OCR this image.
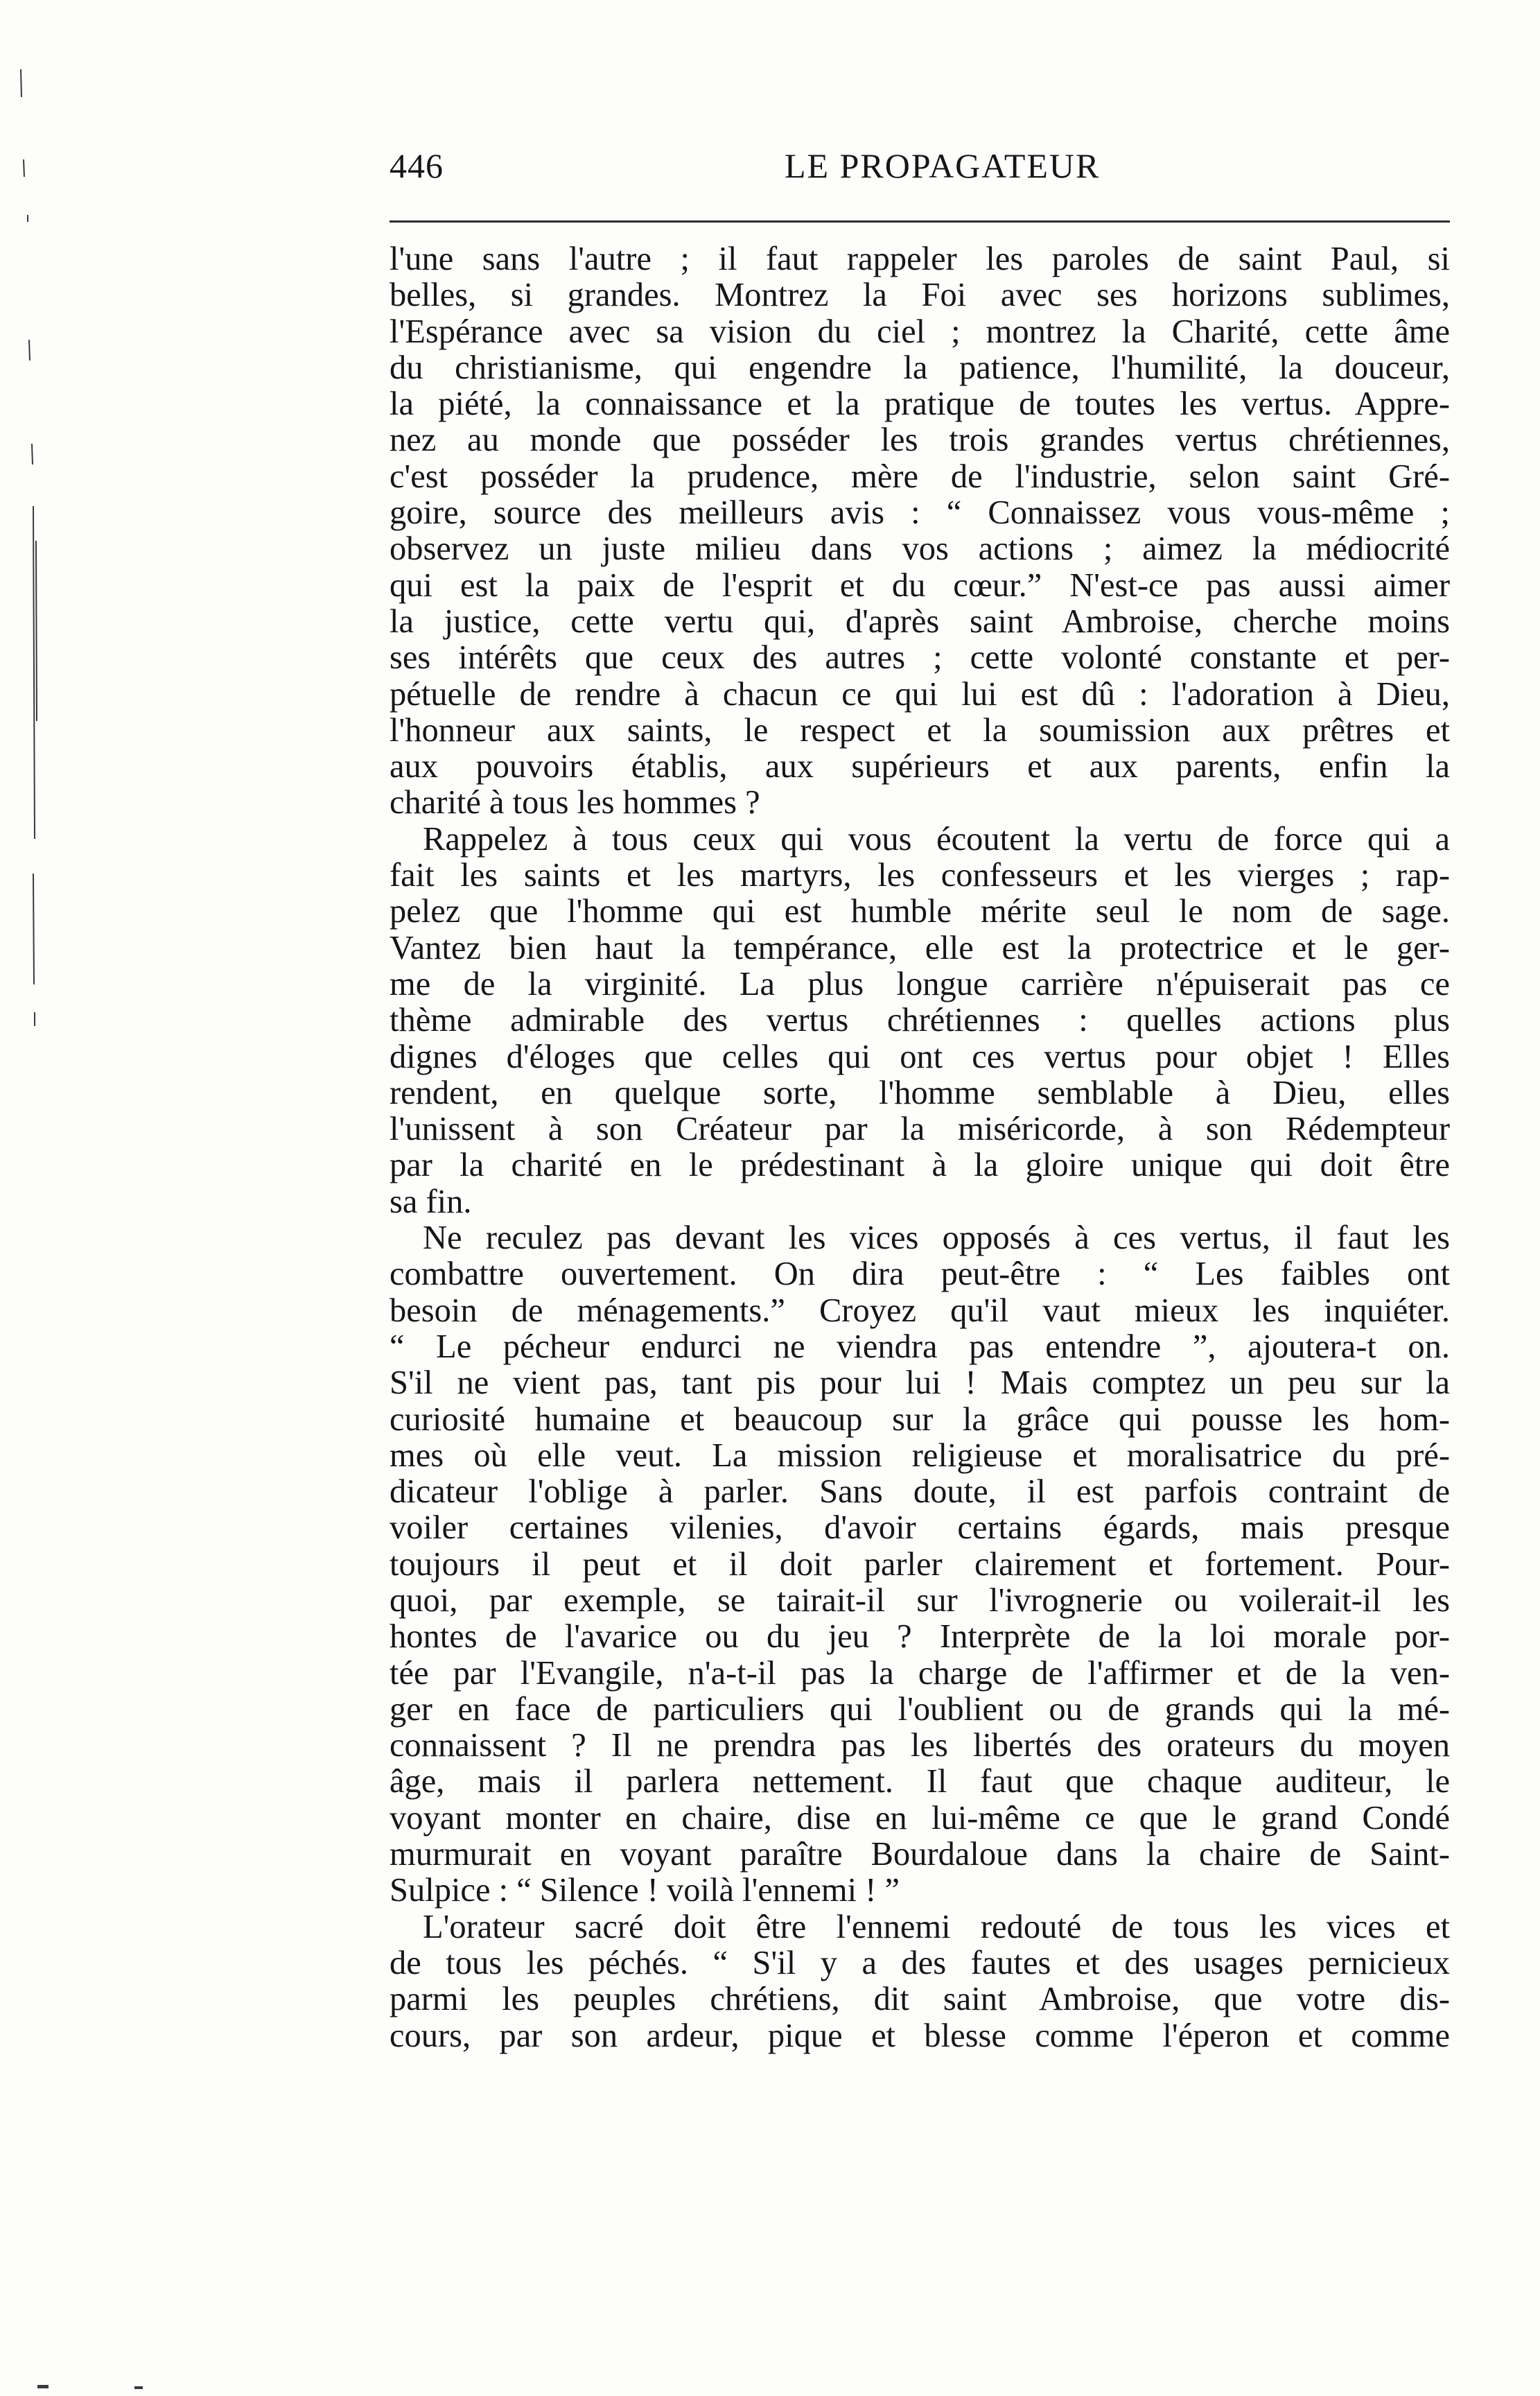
446	LE PROPAGATEUR
l'une sans l'autre ; il faut rappeler les paroles de saint Paul, si
belles, si grandes. Montrez la Foi avec ses horizons sublimes,
l'Espérance avec sa vision du ciel ; montrez la Charité, cette âme
du christianisme, qui engendre la patience, l'humilité, la douceur,
la piété, la connaissance et la pratique de toutes les vertus. Appre-
nez au monde que posséder les trois grandes vertus chrétiennes,
c'est posséder la prudence, mère de l'industrie, selon saint Gré-
goire, source des meilleurs avis : “ Connaissez vous vous-même ;
observez un juste milieu dans vos actions ; aimez la médiocrité
qui est la paix de l'esprit et du cœur.” N'est-ce pas aussi aimer
la justice, cette vertu qui, d'après saint Ambroise, cherche moins
ses intérêts que ceux des autres ; cette volonté constante et per-
pétuelle de rendre à chacun ce qui lui est dû : l'adoration à Dieu,
l'honneur aux saints, le respect et la soumission aux prêtres et
aux pouvoirs établis, aux supérieurs et aux parents, enfin la
charité à tous les hommes ?
Rappelez à tous ceux qui vous écoutent la vertu de force qui a
fait les saints et les martyrs, les confesseurs et les vierges ; rap-
pelez que l'homme qui est humble mérite seul le nom de sage.
Vantez bien haut la tempérance, elle est la protectrice et le ger-
me de la virginité. La plus longue carrière n'épuiserait pas ce
thème admirable des vertus chrétiennes : quelles actions plus
dignes d'éloges que celles qui ont ces vertus pour objet ! Elles
rendent, en quelque sorte, l'homme semblable à Dieu, elles
l'unissent à son Créateur par la miséricorde, à son Rédempteur
par la charité en le prédestinant à la gloire unique qui doit être
sa fin.
Ne reculez pas devant les vices opposés à ces vertus, il faut les
combattre ouvertement. On dira peut-être : “ Les faibles ont
besoin de ménagements.” Croyez qu'il vaut mieux les inquiéter.
“ Le pécheur endurci ne viendra pas entendre ”, ajoutera-t on.
S'il ne vient pas, tant pis pour lui ! Mais comptez un peu sur la
curiosité humaine et beaucoup sur la grâce qui pousse les hom-
mes où elle veut. La mission religieuse et moralisatrice du pré-
dicateur l'oblige à parler. Sans doute, il est parfois contraint de
voiler certaines vilenies, d'avoir certains égards, mais presque
toujours il peut et il doit parler clairement et fortement. Pour-
quoi, par exemple, se tairait-il sur l'ivrognerie ou voilerait-il les
hontes de l'avarice ou du jeu ? Interprète de la loi morale por-
tée par l'Evangile, n'a-t-il pas la charge de l'affirmer et de la ven-
ger en face de particuliers qui l'oublient ou de grands qui la mé-
connaissent ? Il ne prendra pas les libertés des orateurs du moyen
âge, mais il parlera nettement. Il faut que chaque auditeur, le
voyant monter en chaire, dise en lui-même ce que le grand Condé
murmurait en voyant paraître Bourdaloue dans la chaire de Saint-
Sulpice : “ Silence ! voilà l'ennemi ! ”
L'orateur sacré doit être l'ennemi redouté de tous les vices et
de tous les péchés. “ S'il y a des fautes et des usages pernicieux
parmi les peuples chrétiens, dit saint Ambroise, que votre dis-
cours, par son ardeur, pique et blesse comme l'éperon et comme
